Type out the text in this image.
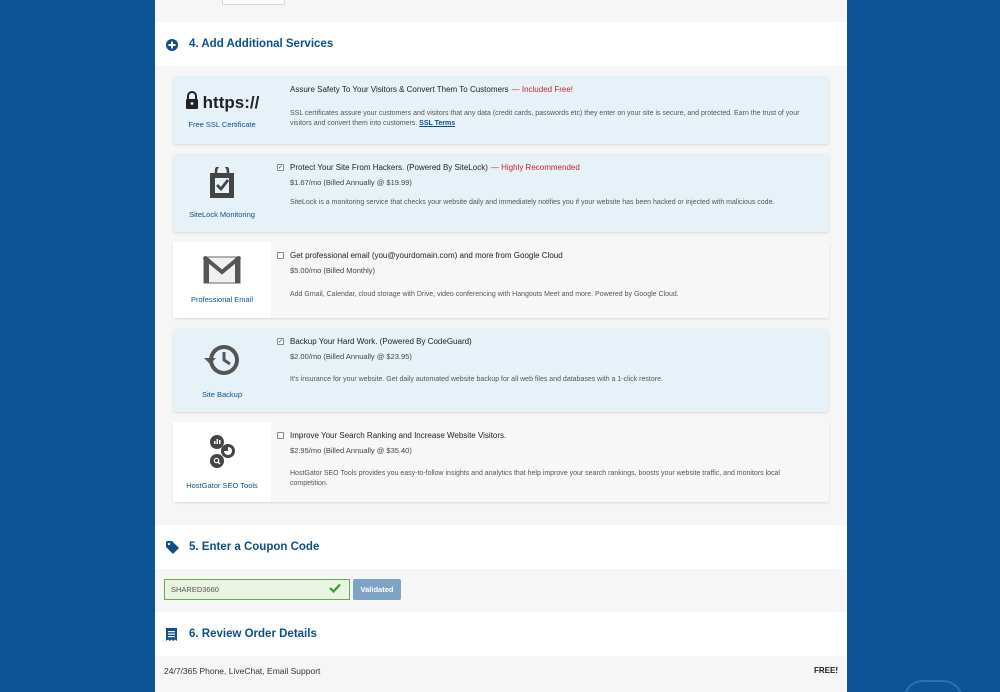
4. Add Additional Services
https://
Free SSL Certificate
Assure Safety To Your Visitors & Convert Them To Customers — Included Free!
SSL certificates assure your customers and visitors that any data (credit cards, passwords etc) they enter on your site is secure, and protected. Earn the trust of your visitors and convert them into customers. SSL Terms
SiteLock Monitoring
✓ Protect Your Site From Hackers. (Powered By SiteLock) — Highly Recommended
$1.67/mo (Billed Annually @ $19.99)
SiteLock is a monitoring service that checks your website daily and immediately notifies you if your website has been hacked or injected with malicious code.
Professional Email
Get professional email (you@yourdomain.com) and more from Google Cloud
$5.00/mo (Billed Monthly)
Add Gmail, Calendar, cloud storage with Drive, video conferencing with Hangouts Meet and more. Powered by Google Cloud.
Site Backup
✓ Backup Your Hard Work. (Powered By CodeGuard)
$2.00/mo (Billed Annually @ $23.95)
It's insurance for your website. Get daily automated website backup for all web files and databases with a 1-click restore.
HostGator SEO Tools
Improve Your Search Ranking and Increase Website Visitors.
$2.95/mo (Billed Annually @ $35.40)
HostGator SEO Tools provides you easy-to-follow insights and analytics that help improve your search rankings, boosts your website traffic, and monitors local competition.
5. Enter a Coupon Code
SHARED3660	Validated
6. Review Order Details
24/7/365 Phone, LiveChat, Email Support	FREE!
